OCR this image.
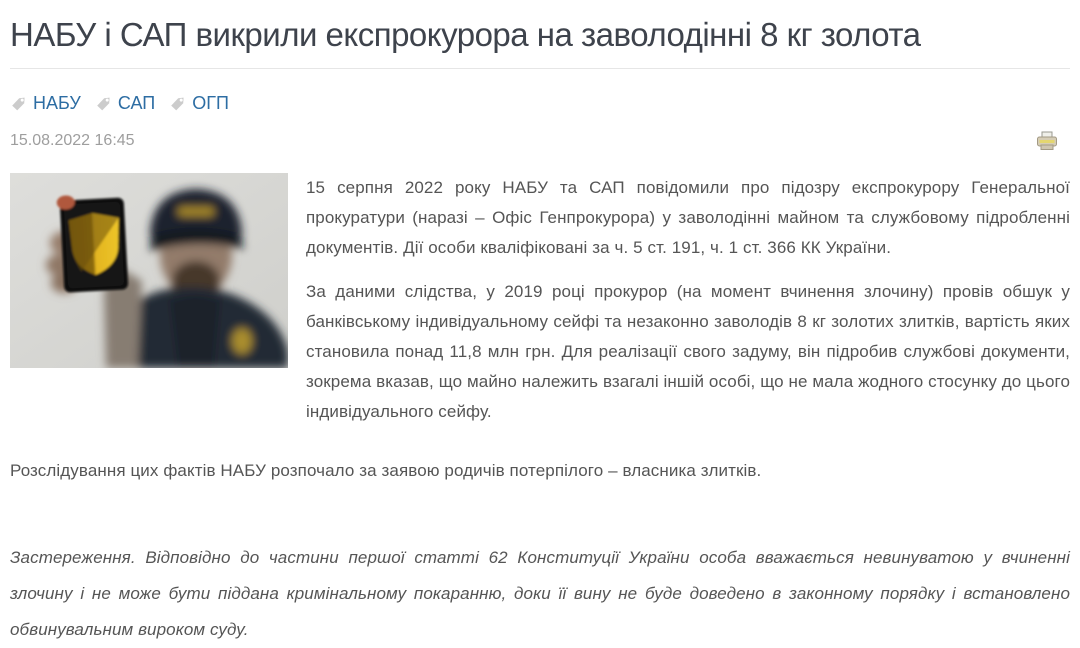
НАБУ і САП викрили експрокурора на заволодінні 8 кг золота
НАБУ САП ОГП
15.08.2022 16:45

15 серпня 2022 року НАБУ та САП повідомили про підозру експрокурору Генеральної прокуратури (наразі – Офіс Генпрокурора) у заволодінні майном та службовому підробленні документів. Дії особи кваліфіковані за ч. 5 ст. 191, ч. 1 ст. 366 КК України.

За даними слідства, у 2019 році прокурор (на момент вчинення злочину) провів обшук у банківському індивідуальному сейфі та незаконно заволодів 8 кг золотих злитків, вартість яких становила понад 11,8 млн грн. Для реалізації свого задуму, він підробив службові документи, зокрема вказав, що майно належить взагалі іншій особі, що не мала жодного стосунку до цього індивідуального сейфу.

Розслідування цих фактів НАБУ розпочало за заявою родичів потерпілого – власника злитків.

Застереження. Відповідно до частини першої статті 62 Конституції України особа вважається невинуватою у вчиненні злочину і не може бути піддана кримінальному покаранню, доки її вину не буде доведено в законному порядку і встановлено обвинувальним вироком суду.
